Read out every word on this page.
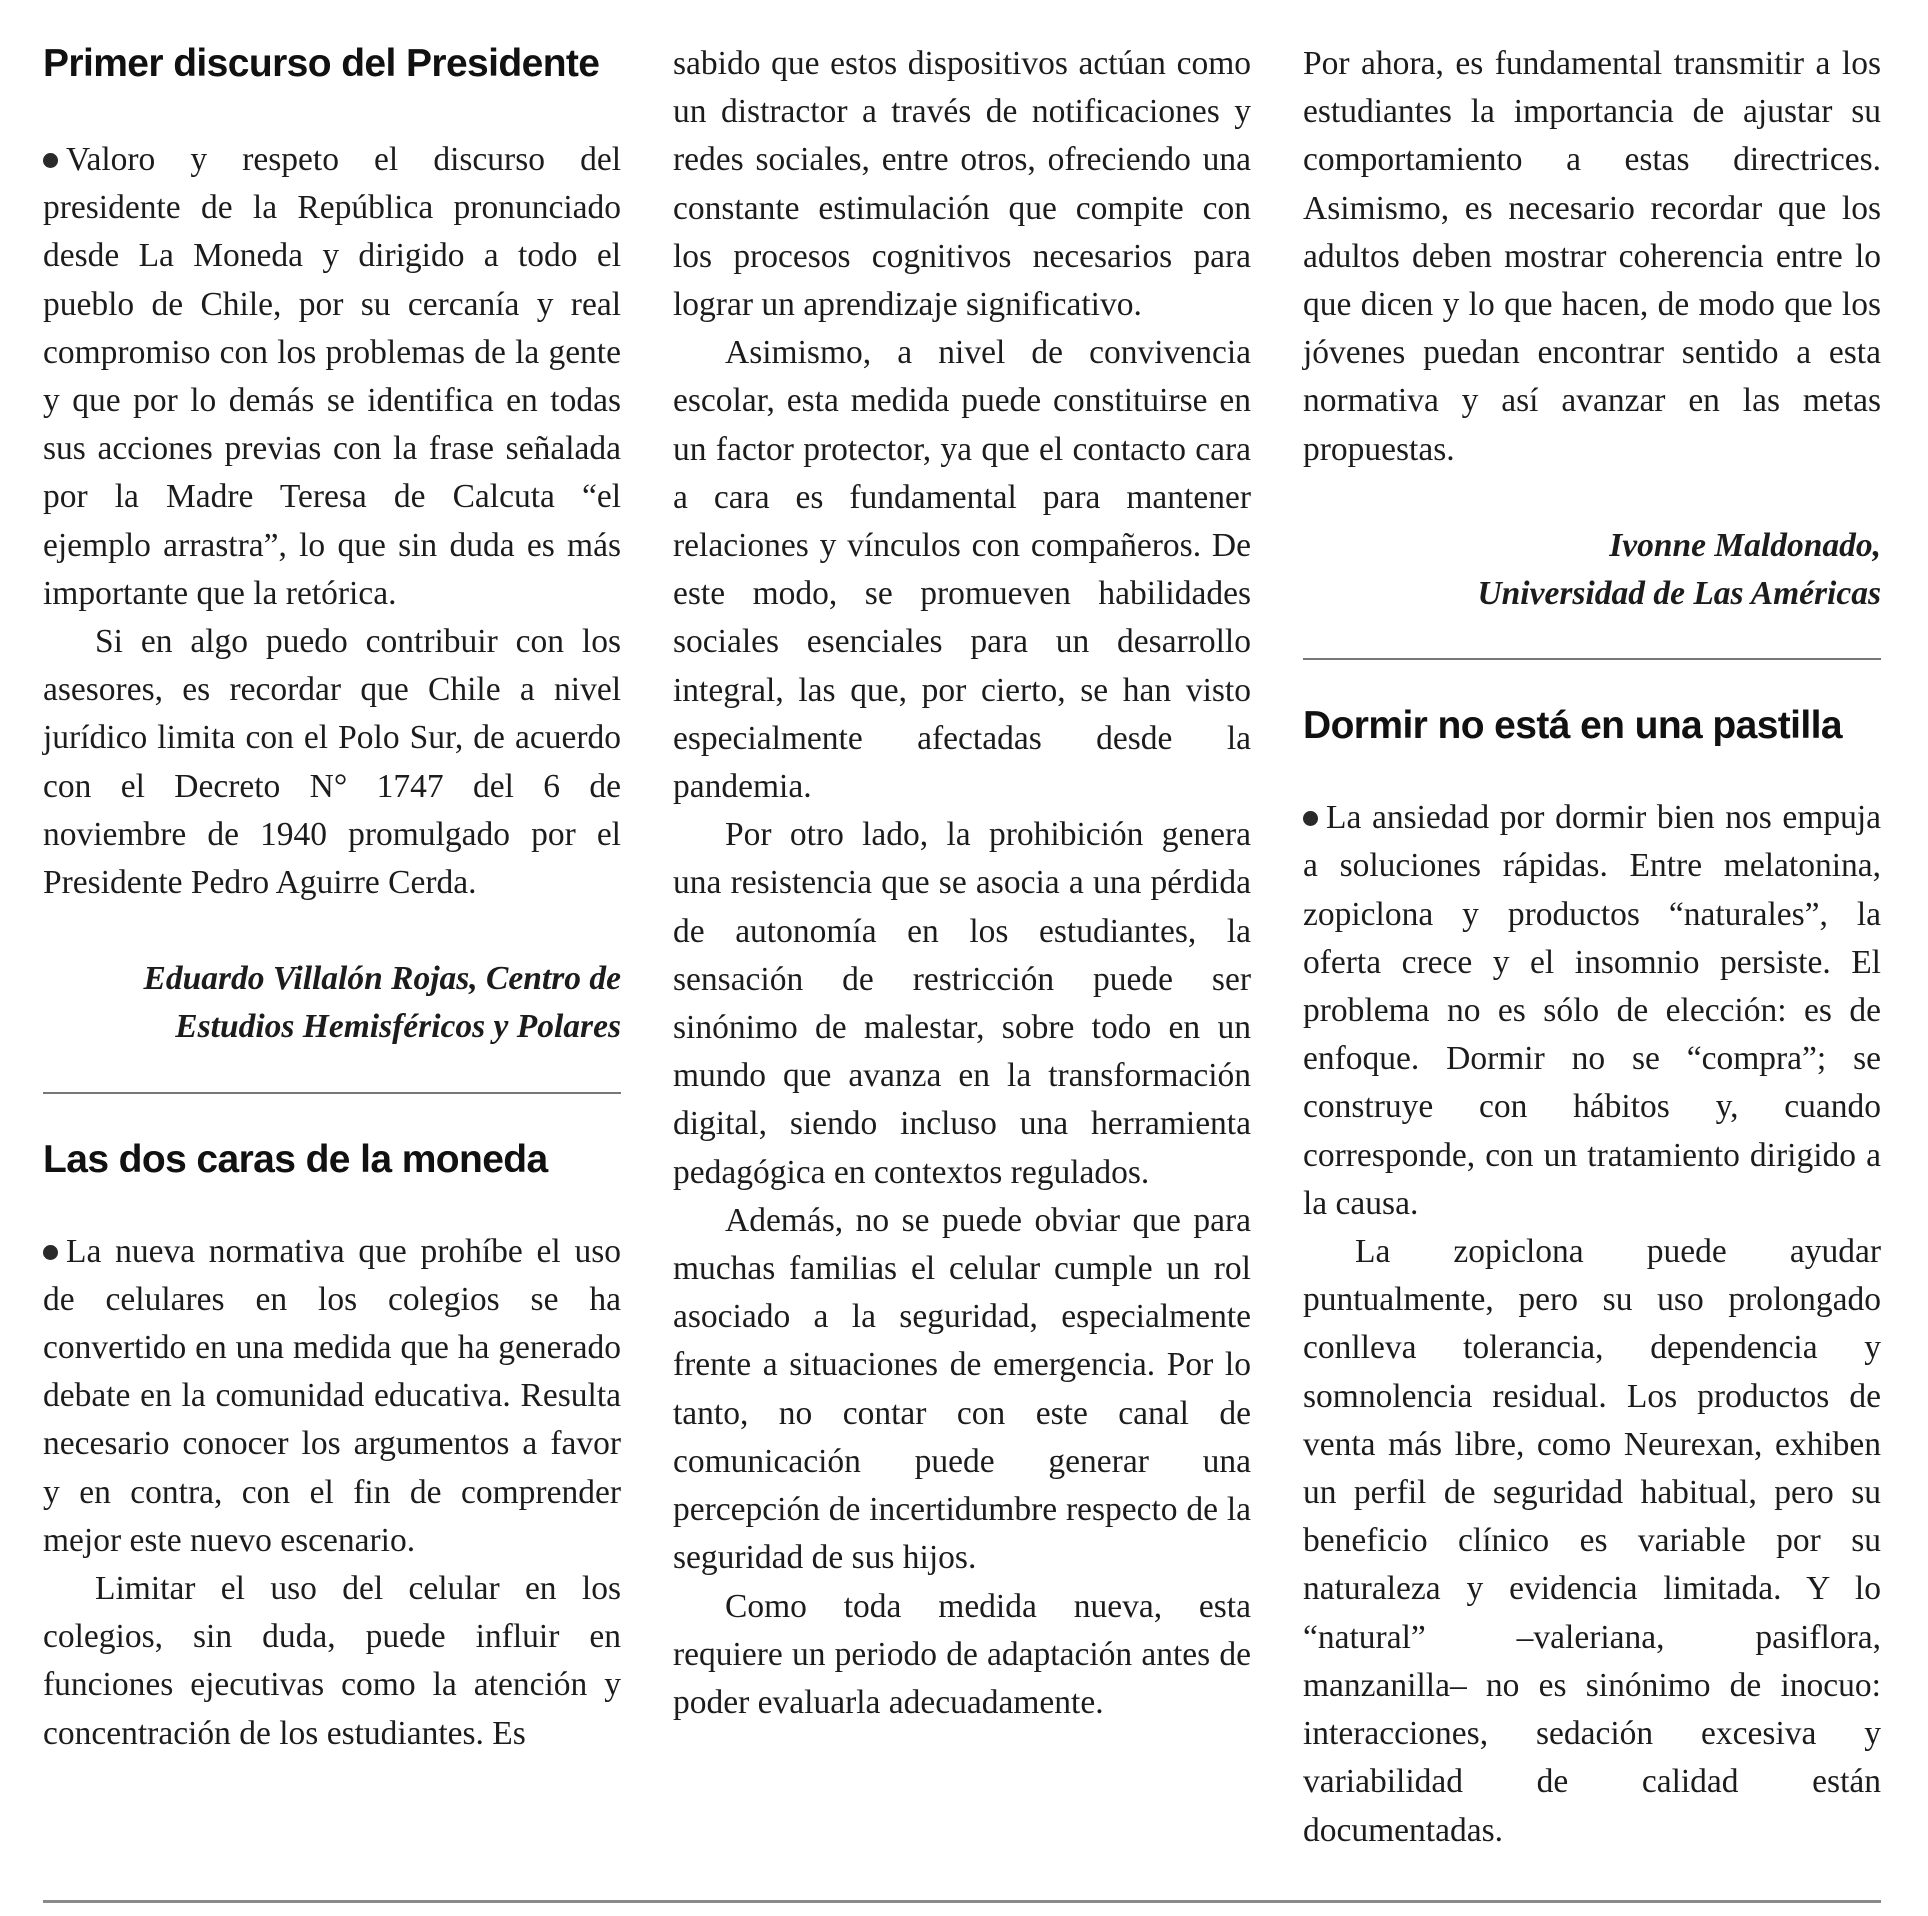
Primer discurso del Presidente

Valoro y respeto el discurso del presidente de la República pronunciado desde La Moneda y dirigido a todo el pueblo de Chile, por su cercanía y real compromiso con los problemas de la gente y que por lo demás se identifica en todas sus acciones previas con la frase señalada por la Madre Teresa de Calcuta “el ejemplo arrastra”, lo que sin duda es más importante que la retórica.

Si en algo puedo contribuir con los asesores, es recordar que Chile a nivel jurídico limita con el Polo Sur, de acuerdo con el Decreto N° 1747 del 6 de noviembre de 1940 promulgado por el Presidente Pedro Aguirre Cerda.

Eduardo Villalón Rojas, Centro de

Estudios Hemisféricos y Polares

Las dos caras de la moneda

La nueva normativa que prohíbe el uso de celulares en los colegios se ha convertido en una medida que ha generado debate en la comunidad educativa. Resulta necesario conocer los argumentos a favor y en contra, con el fin de comprender mejor este nuevo escenario.

Limitar el uso del celular en los colegios, sin duda, puede influir en funciones ejecutivas como la atención y concentración de los estudiantes. Es

sabido que estos dispositivos actúan como un distractor a través de notificaciones y redes sociales, entre otros, ofreciendo una constante estimulación que compite con los procesos cognitivos necesarios para lograr un aprendizaje significativo.

Asimismo, a nivel de convivencia escolar, esta medida puede constituirse en un factor protector, ya que el contacto cara a cara es fundamental para mantener relaciones y vínculos con compañeros. De este modo, se promueven habilidades sociales esenciales para un desarrollo integral, las que, por cierto, se han visto especialmente afectadas desde la pandemia.

Por otro lado, la prohibición genera una resistencia que se asocia a una pérdida de autonomía en los estudiantes, la sensación de restricción puede ser sinónimo de malestar, sobre todo en un mundo que avanza en la transformación digital, siendo incluso una herramienta pedagógica en contextos regulados.

Además, no se puede obviar que para muchas familias el celular cumple un rol asociado a la seguridad, especialmente frente a situaciones de emergencia. Por lo tanto, no contar con este canal de comunicación puede generar una percepción de incertidumbre respecto de la seguridad de sus hijos.

Como toda medida nueva, esta requiere un periodo de adaptación antes de poder evaluarla adecuadamente.

Por ahora, es fundamental transmitir a los estudiantes la importancia de ajustar su comportamiento a estas directrices. Asimismo, es necesario recordar que los adultos deben mostrar coherencia entre lo que dicen y lo que hacen, de modo que los jóvenes puedan encontrar sentido a esta normativa y así avanzar en las metas propuestas.

Ivonne Maldonado,

Universidad de Las Américas

Dormir no está en una pastilla

La ansiedad por dormir bien nos empuja a soluciones rápidas. Entre melatonina, zopiclona y productos “naturales”, la oferta crece y el insomnio persiste. El problema no es sólo de elección: es de enfoque. Dormir no se “compra”; se construye con hábitos y, cuando corresponde, con un tratamiento dirigido a la causa.

La zopiclona puede ayudar puntualmente, pero su uso prolongado conlleva tolerancia, dependencia y somnolencia residual. Los productos de venta más libre, como Neurexan, exhiben un perfil de seguridad habitual, pero su beneficio clínico es variable por su naturaleza y evidencia limitada. Y lo “natural” –valeriana, pasiflora, manzanilla– no es sinónimo de inocuo: interacciones, sedación excesiva y variabilidad de calidad están documentadas.
